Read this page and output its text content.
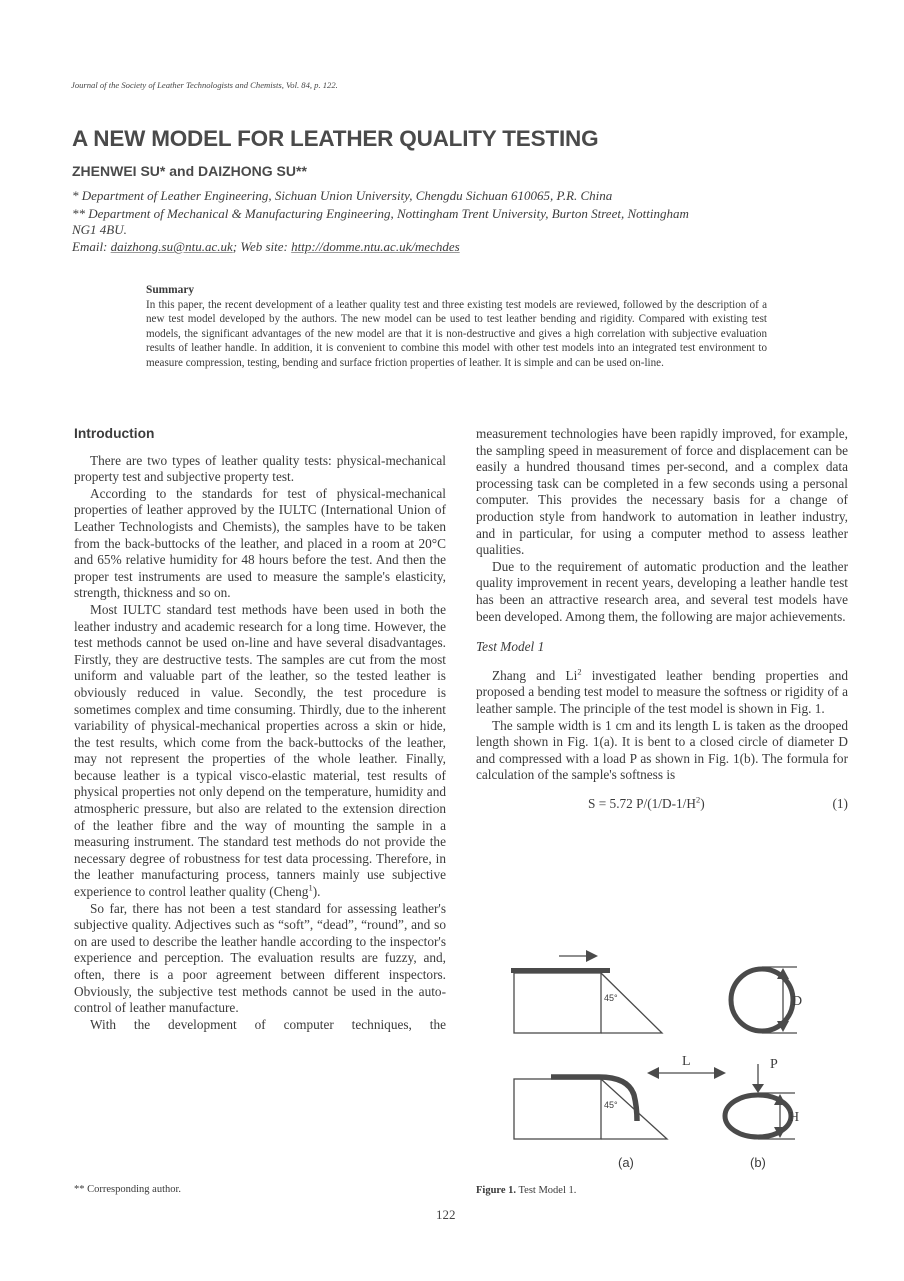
Journal of the Society of Leather Technologists and Chemists, Vol. 84, p. 122.
A NEW MODEL FOR LEATHER QUALITY TESTING
ZHENWEI SU* and DAIZHONG SU**
* Department of Leather Engineering, Sichuan Union University, Chengdu Sichuan 610065, P.R. China
** Department of Mechanical & Manufacturing Engineering, Nottingham Trent University, Burton Street, Nottingham
NG1 4BU.
Email: daizhong.su@ntu.ac.uk; Web site: http://domme.ntu.ac.uk/mechdes
Summary
In this paper, the recent development of a leather quality test and three existing test models are reviewed, followed by the description of a new test model developed by the authors. The new model can be used to test leather bending and rigidity. Compared with existing test models, the significant advantages of the new model are that it is non-destructive and gives a high correlation with subjective evaluation results of leather handle. In addition, it is convenient to combine this model with other test models into an integrated test environment to measure compression, testing, bending and surface friction properties of leather. It is simple and can be used on-line.
Introduction

There are two types of leather quality tests: physical-mechanical property test and subjective property test.

According to the standards for test of physical-mechanical properties of leather approved by the IULTC (International Union of Leather Technologists and Chemists), the samples have to be taken from the back-buttocks of the leather, and placed in a room at 20°C and 65% relative humidity for 48 hours before the test. And then the proper test instruments are used to measure the sample's elasticity, strength, thickness and so on.

Most IULTC standard test methods have been used in both the leather industry and academic research for a long time. However, the test methods cannot be used on-line and have several disadvantages. Firstly, they are destructive tests. The samples are cut from the most uniform and valuable part of the leather, so the tested leather is obviously reduced in value. Secondly, the test procedure is sometimes complex and time consuming. Thirdly, due to the inherent variability of physical-mechanical properties across a skin or hide, the test results, which come from the back-buttocks of the leather, may not represent the properties of the whole leather. Finally, because leather is a typical visco-elastic material, test results of physical properties not only depend on the temperature, humidity and atmospheric pressure, but also are related to the extension direction of the leather fibre and the way of mounting the sample in a measuring instrument. The standard test methods do not provide the necessary degree of robustness for test data processing. Therefore, in the leather manufacturing process, tanners mainly use subjective experience to control leather quality (Cheng$^1$).

So far, there has not been a test standard for assessing leather's subjective quality. Adjectives such as “soft”, “dead”, “round”, and so on are used to describe the leather handle according to the inspector's experience and perception. The evaluation results are fuzzy, and, often, there is a poor agreement between different inspectors. Obviously, the subjective test methods cannot be used in the auto-control of leather manufacture.

With the development of computer techniques, the

measurement technologies have been rapidly improved, for example, the sampling speed in measurement of force and displacement can be easily a hundred thousand times per-second, and a complex data processing task can be completed in a few seconds using a personal computer. This provides the necessary basis for a change of production style from handwork to automation in leather industry, and in particular, for using a computer method to assess leather qualities.

Due to the requirement of automatic production and the leather quality improvement in recent years, developing a leather handle test has been an attractive research area, and several test models have been developed. Among them, the following are major achievements.

Test Model 1

Zhang and Li$^2$ investigated leather bending properties and proposed a bending test model to measure the softness or rigidity of a leather sample. The principle of the test model is shown in Fig. 1.

The sample width is 1 cm and its length L is taken as the drooped length shown in Fig. 1(a). It is bent to a closed circle of diameter D and compressed with a load P as shown in Fig. 1(b). The formula for calculation of the sample's softness is

S = 5.72 $P/(1/D-1/H^2)$	(1)
45°
45°
L
D
P
H
(a)	(b)
Figure 1. Test Model 1.
** Corresponding author.
122
